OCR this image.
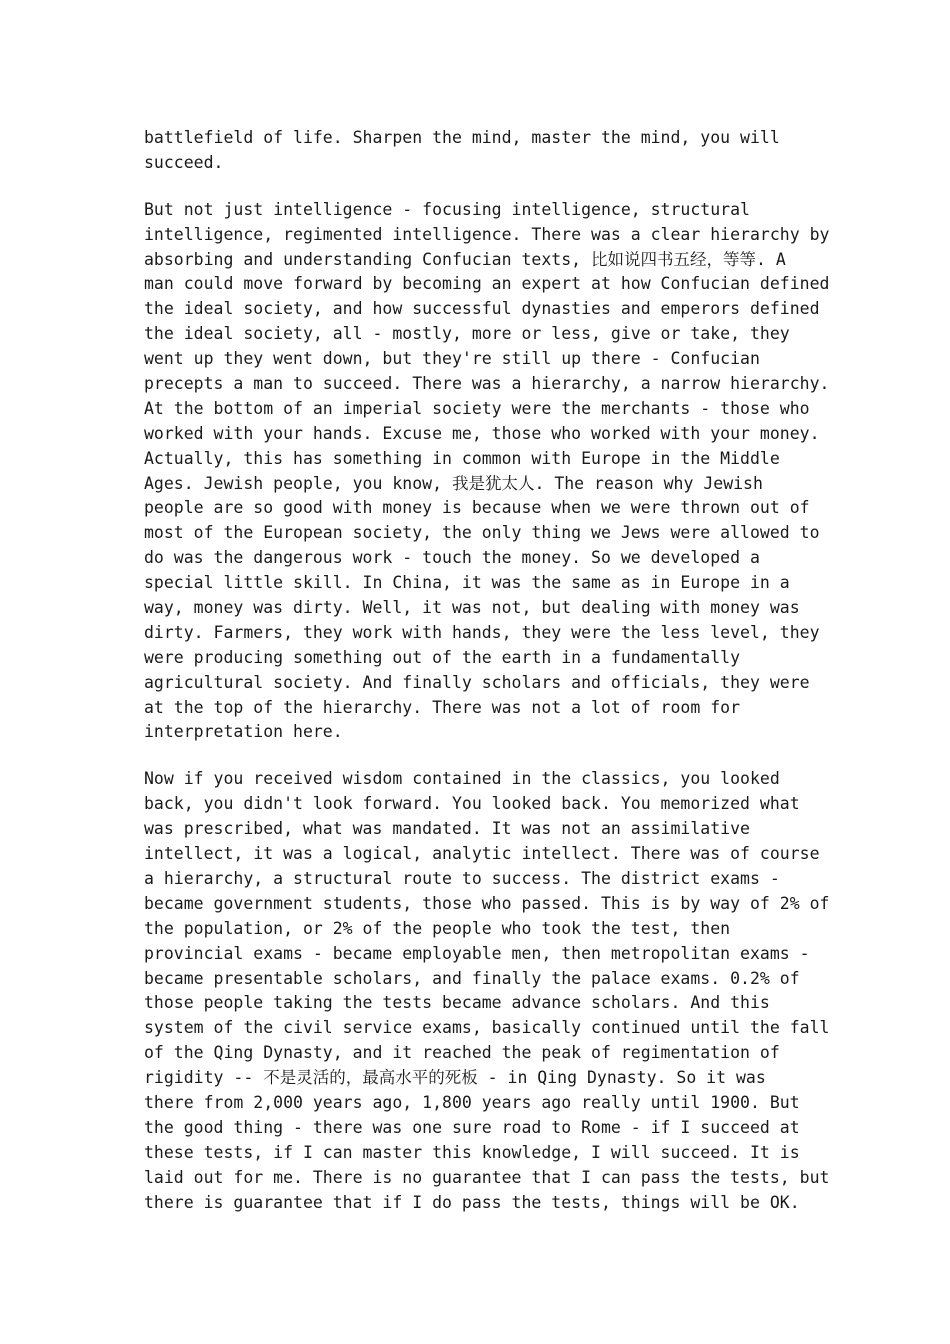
battlefield of life. Sharpen the mind, master the mind, you will
succeed.
But not just intelligence - focusing intelligence, structural
intelligence, regimented intelligence. There was a clear hierarchy by
absorbing and understanding Confucian texts, 比如说四书五经，等等. A
man could move forward by becoming an expert at how Confucian defined
the ideal society, and how successful dynasties and emperors defined
the ideal society, all - mostly, more or less, give or take, they
went up they went down, but they're still up there - Confucian
precepts a man to succeed. There was a hierarchy, a narrow hierarchy.
At the bottom of an imperial society were the merchants - those who
worked with your hands. Excuse me, those who worked with your money.
Actually, this has something in common with Europe in the Middle
Ages. Jewish people, you know, 我是犹太人. The reason why Jewish
people are so good with money is because when we were thrown out of
most of the European society, the only thing we Jews were allowed to
do was the dangerous work - touch the money. So we developed a
special little skill. In China, it was the same as in Europe in a
way, money was dirty. Well, it was not, but dealing with money was
dirty. Farmers, they work with hands, they were the less level, they
were producing something out of the earth in a fundamentally
agricultural society. And finally scholars and officials, they were
at the top of the hierarchy. There was not a lot of room for
interpretation here.
Now if you received wisdom contained in the classics, you looked
back, you didn't look forward. You looked back. You memorized what
was prescribed, what was mandated. It was not an assimilative
intellect, it was a logical, analytic intellect. There was of course
a hierarchy, a structural route to success. The district exams -
became government students, those who passed. This is by way of 2% of
the population, or 2% of the people who took the test, then
provincial exams - became employable men, then metropolitan exams -
became presentable scholars, and finally the palace exams. 0.2% of
those people taking the tests became advance scholars. And this
system of the civil service exams, basically continued until the fall
of the Qing Dynasty, and it reached the peak of regimentation of
rigidity -- 不是灵活的，最高水平的死板 - in Qing Dynasty. So it was
there from 2,000 years ago, 1,800 years ago really until 1900. But
the good thing - there was one sure road to Rome - if I succeed at
these tests, if I can master this knowledge, I will succeed. It is
laid out for me. There is no guarantee that I can pass the tests, but
there is guarantee that if I do pass the tests, things will be OK.
